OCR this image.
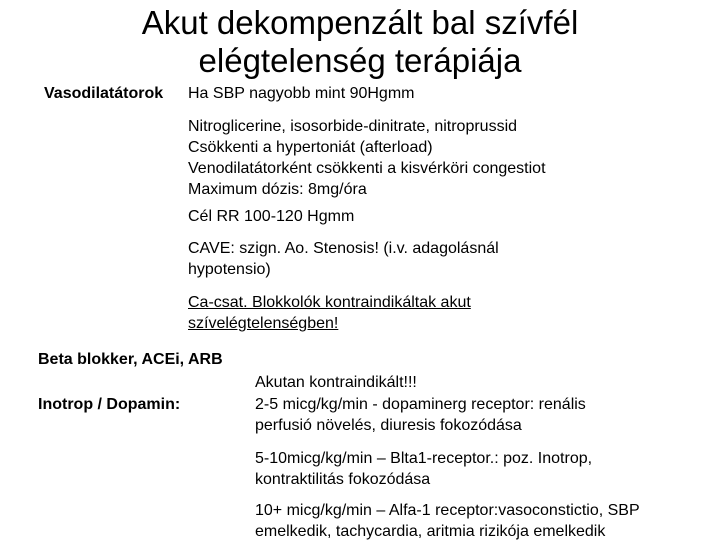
Akut dekompenzált bal szívfél
elégtelenség terápiája
Vasodilatátorok Ha SBP nagyobb mint 90Hgmm
Nitroglicerine, isosorbide-dinitrate, nitroprussid
Csökkenti a hypertoniát (afterload)
Venodilatátorként csökkenti a kisvérköri congestiot
Maximum dózis: 8mg/óra
Cél RR 100-120 Hgmm
CAVE: szign. Ao. Stenosis! (i.v. adagolásnál
hypotensio)
Ca-csat. Blokkolók kontraindikáltak akut
szívelégtelenségben!
Beta blokker, ACEi, ARB
Akutan kontraindikált!!!
Inotrop / Dopamin:	2-5 micg/kg/min - dopaminerg receptor: renális
perfusió növelés, diuresis fokozódása
5-10micg/kg/min – Blta1-receptor.: poz. Inotrop,
kontraktilitás fokozódása
10+ micg/kg/min – Alfa-1 receptor:vasoconstictio, SBP
emelkedik, tachycardia, aritmia rizikója emelkedik
